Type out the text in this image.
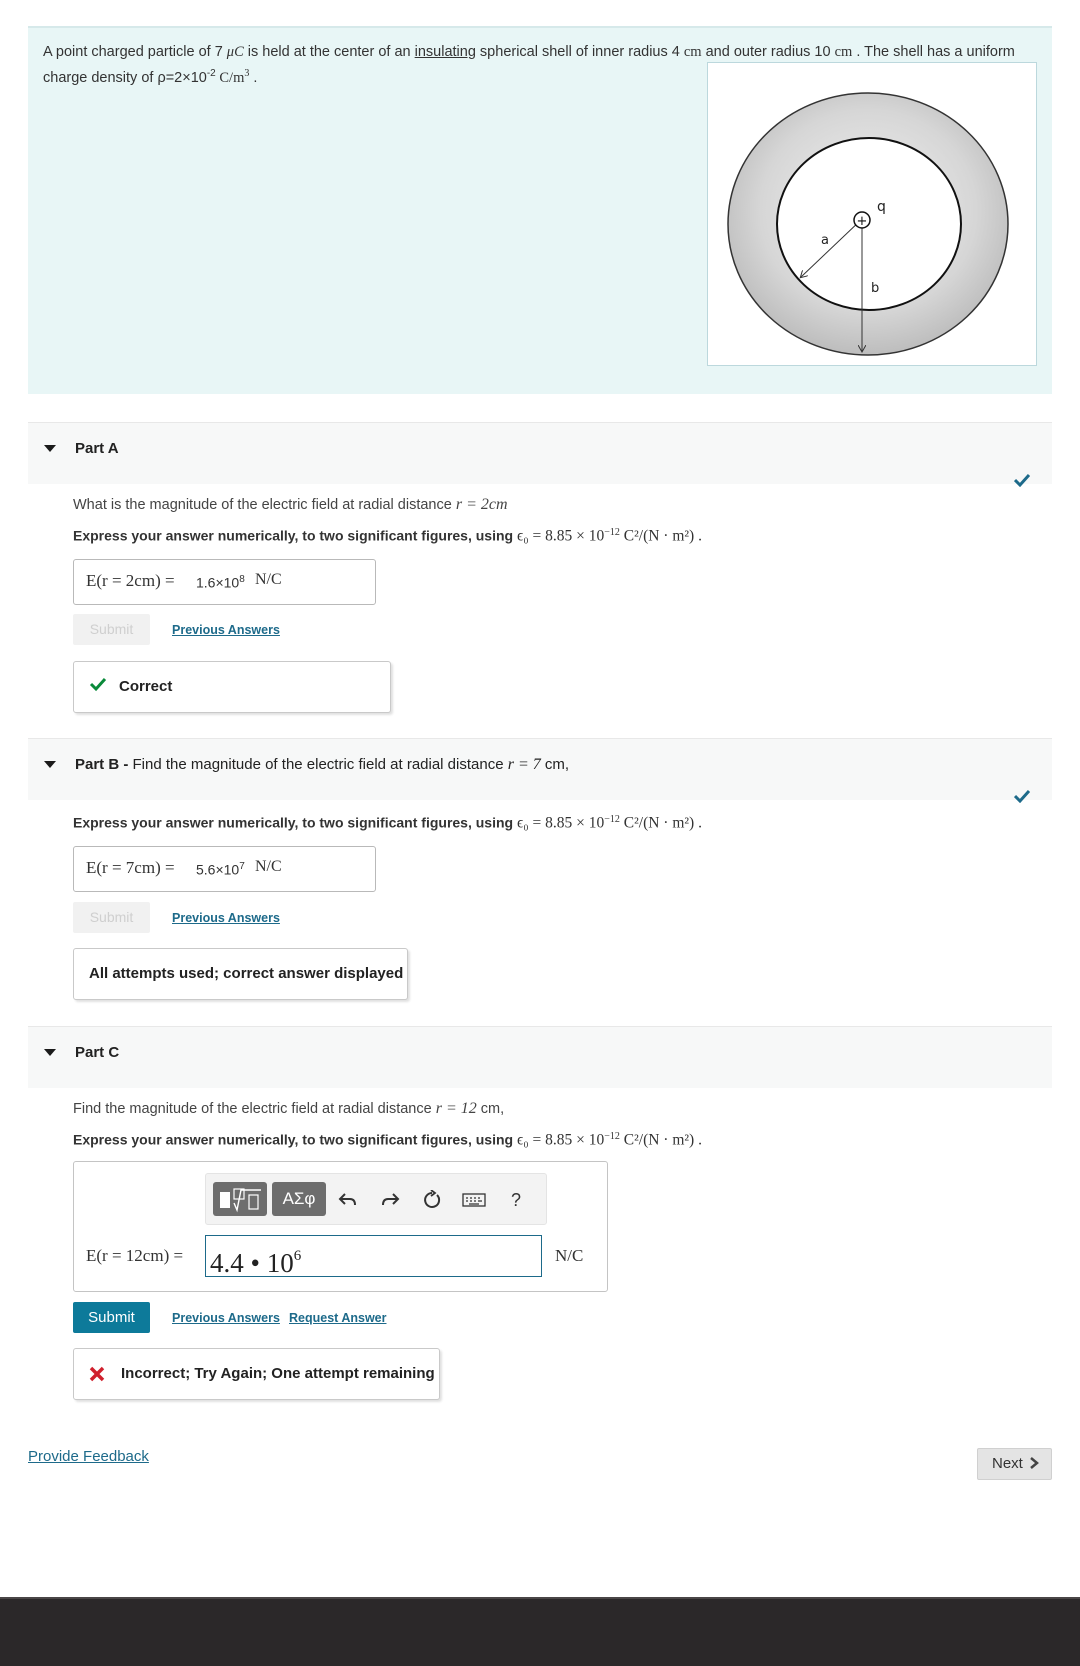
A point charged particle of 7 μC is held at the center of an insulating spherical shell of inner radius 4 cm and outer radius 10 cm . The shell has a uniform charge density of $\rho=2\times 10^{-2}$ $C/m^3$ .
+
q
a
b
Part A
What is the magnitude of the electric field at radial distance r = 2cm
Express your answer numerically, to two significant figures, using $\epsilon_0 = 8.85 \times 10^{-12}$ C²/(N · m²) .
$E(r = 2cm) = 1.6\times 10^8$ N/C
Submit	Previous Answers
Correct
Part B - Find the magnitude of the electric field at radial distance r = 7 cm,
Express your answer numerically, to two significant figures, using $\epsilon_0 = 8.85 \times 10^{-12}$ C²/(N · m²) .
$E(r = 7cm) = 5.6\times 10^7$ N/C
Submit	Previous Answers
All attempts used; correct answer displayed
Part C
Find the magnitude of the electric field at radial distance r = 12 cm,
Express your answer numerically, to two significant figures, using $\epsilon_0 = 8.85 \times 10^{-12}$ C²/(N · m²) .
ΑΣφ	?
E(r = 12cm) = 4.4 • $10^6$	N/C
Submit	Previous Answers Request Answer
Incorrect; Try Again; One attempt remaining
Provide Feedback	Next
